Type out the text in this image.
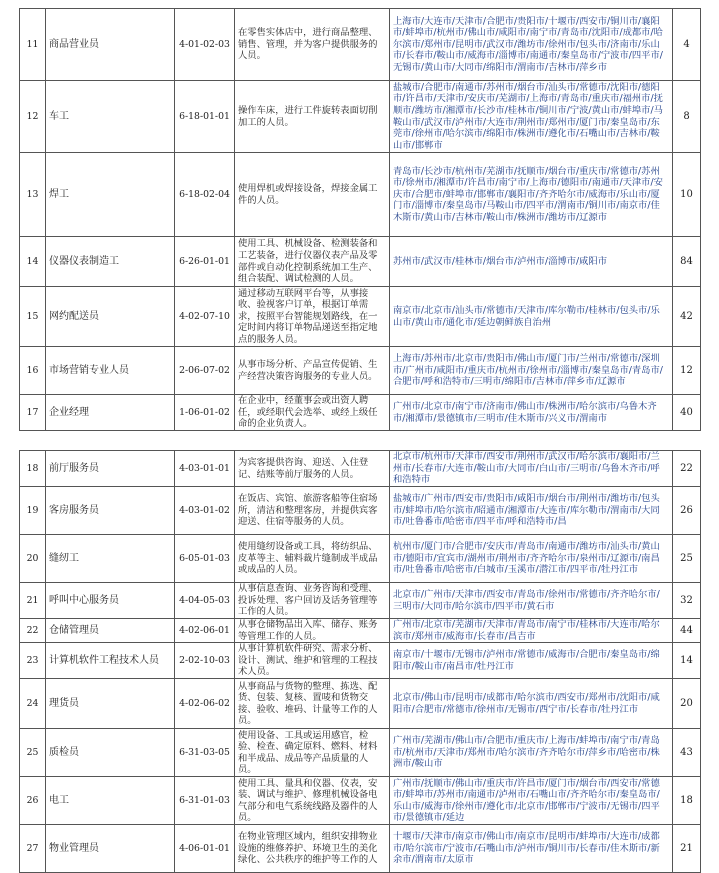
11	商品营业员	4-01-02-03	在零售实体店中，进行商品整理、销售、管理，并为客户提供服务的人员。	上海市/大连市/天津市/合肥市/贵阳市/十堰市/西安市/铜川市/襄阳市/蚌埠市/杭州市/佛山市/咸阳市/南宁市/青岛市/沈阳市/成都市/哈尔滨市/郑州市/昆明市/武汉市/潍坊市/徐州市/包头市/济南市/乐山市/长春市/鞍山市/威海市/淄博市/南通市/秦皇岛市/宁波市/四平市/无锡市/黄山市/大同市/绵阳市/渭南市/吉林市/萍乡市	4
12	车工	6-18-01-01	操作车床，进行工件旋转表面切削加工的人员。	盐城市/合肥市/南通市/苏州市/烟台市/汕头市/常德市/沈阳市/德阳市/许昌市/天津市/安庆市/芜湖市/上海市/青岛市/重庆市/福州市/抚顺市/潍坊市/湘潭市/长沙市/桂林市/铜川市/宁波/黄山市/蚌埠市/马鞍山市/武汉市/泸州市/大连市/荆州市/郑州市/厦门市/秦皇岛市/东莞市/徐州市/哈尔滨市/绵阳市/株洲市/遵化市/石嘴山市/吉林市/鞍山市/邯郸市	8
13	焊工	6-18-02-04	使用焊机或焊接设备，焊接金属工件的人员。	青岛市/长沙市/杭州市/芜湖市/抚顺市/烟台市/重庆市/常德市/苏州市/徐州市/湘潭市/许昌市/南宁市/上海市/德阳市/南通市/天津市/安庆市/合肥市/蚌埠市/邯郸市/襄阳市/齐齐哈尔市/威海市/乐山市/厦门市/淄博市/秦皇岛市/马鞍山市/四平市/渭南市/铜川市/南京市/佳木斯市/黄山市/吉林市/鞍山市/株洲市/潍坊市/辽源市	10
14	仪器仪表制造工	6-26-01-01	使用工具、机械设备、检测装备和工艺装备，进行仪器仪表产品及零部件或自动化控制系统加工生产、组合装配、调试检测的人员。	苏州市/武汉市/桂林市/烟台市/泸州市/淄博市/咸阳市	84
15	网约配送员	4-02-07-10	通过移动互联网平台等，从事接收、验视客户订单，根据订单需求，按照平台智能规划路线，在一定时间内将订单物品递送至指定地点的服务人员。	南京市/北京市/汕头市/常德市/天津市/库尔勒市/桂林市/包头市/乐山市/黄山市/通化市/延边朝鲜族自治州	42
16	市场营销专业人员	2-06-07-02	从事市场分析、产品宣传促销、生产经营决策咨询服务的专业人员。	上海市/苏州市/北京市/贵阳市/佛山市/厦门市/兰州市/常德市/深圳市/广州市/咸阳市/重庆市/杭州市/徐州市/淄博市/秦皇岛市/青岛市/合肥市/呼和浩特市/三明市/绵阳市/吉林市/萍乡市/辽源市	12
17	企业经理	1-06-01-02	在企业中，经董事会或出资人聘任，或经职代会选举、或经上级任命的企业负责人。	广州市/北京市/南宁市/济南市/佛山市/株洲市/哈尔滨市/乌鲁木齐市/湘潭市/景德镇市/三明市/佳木斯市/兴义市/渭南市	40
18	前厅服务员	4-03-01-01	为宾客提供咨询、迎送、入住登记、结账等前厅服务的人员。	北京市/杭州市/天津市/西安市/荆州市/武汉市/哈尔滨市/襄阳市/兰州市/长春市/大连市/鞍山市/大同市/白山市/三明市/乌鲁木齐市/呼和浩特市	22
19	客房服务员	4-03-01-02	在饭店、宾馆、旅游客船等住宿场所，清洁和整理客房，并提供宾客迎送、住宿等服务的人员。	盐城市/广州市/西安市/贵阳市/咸阳市/烟台市/荆州市/潍坊市/包头市/蚌埠市/哈尔滨市/昭通市/湘潭市/大连市/库尔勒市/渭南市/大同市/吐鲁番市/哈密市/四平市/呼和浩特市/昌	26
20	缝纫工	6-05-01-03	使用缝纫设备或工具，将纺织品、皮革等主、辅料裁片缝制成半成品或成品的人员。	杭州市/厦门市/合肥市/安庆市/青岛市/南通市/潍坊市/汕头市/黄山市/德阳市/宜宾市/湖州市/荆州市/齐齐哈尔市/泉州市/辽源市/南昌市/吐鲁番市/哈密市/白城市/玉溪市/潜江市/四平市/牡丹江市	25
21	呼叫中心服务员	4-04-05-03	从事信息查询、业务咨询和受理、投诉处理、客户回访及话务管理等工作的人员。	北京市/广州市/天津市/西安市/青岛市/徐州市/常德市/齐齐哈尔市/三明市/大同市/哈尔滨市/四平市/黄石市	32
22	仓储管理员	4-02-06-01	从事仓储物品出入库、储存、账务等管理工作的人员。	广州市/北京市/芜湖市/天津市/青岛市/南宁市/桂林市/大连市/哈尔滨市/郑州市/威海市/长春市/昌吉市	44
23	计算机软件工程技术人员	2-02-10-03	从事计算机软件研究、需求分析、设计、测试、维护和管理的工程技术人员。	南京市/十堰市/无锡市/泸州市/常德市/威海市/合肥市/秦皇岛市/绵阳市/鞍山市/南昌市/牡丹江市	14
24	理货员	4-02-06-02	从事商品与货物的整理、拣选、配货、包装、复核、置唛和货物交接、验收、堆码、计量等工作的人员。	北京市/佛山市/昆明市/成都市/哈尔滨市/西安市/郑州市/沈阳市/咸阳市/合肥市/常德市/徐州市/无锡市/西宁市/长春市/牡丹江市	20
25	质检员	6-31-03-05	使用设备、工具或运用感官，检验、检查、确定原料、燃料、材料和半成品、成品等产品质量的人员。	广州市/芜湖市/佛山市/合肥市/重庆市/上海市/蚌埠市/南宁市/青岛市/杭州市/天津市/郑州市/哈尔滨市/齐齐哈尔市/萍乡市/哈密市/株洲市/鞍山市	43
26	电工	6-31-01-03	使用工具、量具和仪器、仪表，安装、调试与维护、修理机械设备电气部分和电气系统线路及器件的人员。	广州市/抚顺市/佛山市/重庆市/许昌市/厦门市/烟台市/西安市/常德市/蚌埠市/苏州市/南通市/泸州市/石嘴山市/齐齐哈尔市/秦皇岛市/乐山市/威海市/徐州市/遵化市/北京市/邯郸市/宁波市/无锡市/四平市/景德镇市/延边	18
27	物业管理员	4-06-01-01	在物业管理区域内，组织安排物业设施的维修养护、环境卫生的美化绿化、公共秩序的维护等工作的人	十堰市/天津市/南京市/佛山市/南京市/昆明市/蚌埠市/大连市/成都市/哈尔滨市/宁波市/石嘴山市/泸州市/铜川市/长春市/佳木斯市/新余市/渭南市/太原市	21
